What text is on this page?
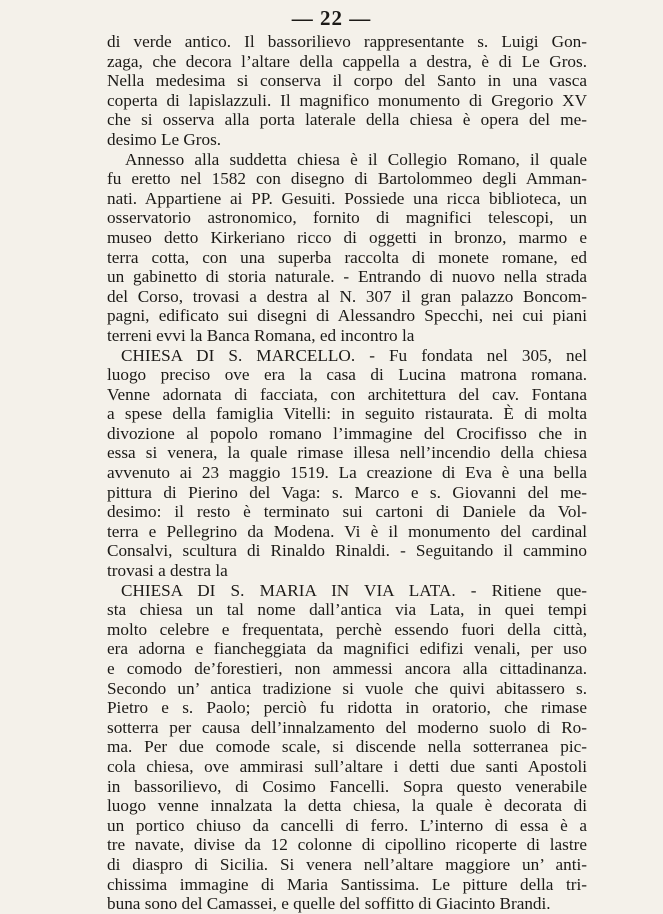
— 22 —
di verde antico. Il bassorilievo rappresentante s. Luigi Gon-
zaga, che decora l’altare della cappella a destra, è di Le Gros.
Nella medesima si conserva il corpo del Santo in una vasca
coperta di lapislazzuli. Il magnifico monumento di Gregorio XV
che si osserva alla porta laterale della chiesa è opera del me-
desimo Le Gros.
Annesso alla suddetta chiesa è il Collegio Romano, il quale
fu eretto nel 1582 con disegno di Bartolommeo degli Amman-
nati. Appartiene ai PP. Gesuiti. Possiede una ricca biblioteca, un
osservatorio astronomico, fornito di magnifici telescopi, un
museo detto Kirkeriano ricco di oggetti in bronzo, marmo e
terra cotta, con una superba raccolta di monete romane, ed
un gabinetto di storia naturale. - Entrando di nuovo nella strada
del Corso, trovasi a destra al N. 307 il gran palazzo Boncom-
pagni, edificato sui disegni di Alessandro Specchi, nei cui piani
terreni evvi la Banca Romana, ed incontro la
CHIESA DI S. MARCELLO. - Fu fondata nel 305, nel
luogo preciso ove era la casa di Lucina matrona romana.
Venne adornata di facciata, con architettura del cav. Fontana
a spese della famiglia Vitelli: in seguito ristaurata. È di molta
divozione al popolo romano l’immagine del Crocifisso che in
essa si venera, la quale rimase illesa nell’incendio della chiesa
avvenuto ai 23 maggio 1519. La creazione di Eva è una bella
pittura di Pierino del Vaga: s. Marco e s. Giovanni del me-
desimo: il resto è terminato sui cartoni di Daniele da Vol-
terra e Pellegrino da Modena. Vi è il monumento del cardinal
Consalvi, scultura di Rinaldo Rinaldi. - Seguitando il cammino
trovasi a destra la
CHIESA DI S. MARIA IN VIA LATA. - Ritiene que-
sta chiesa un tal nome dall’antica via Lata, in quei tempi
molto celebre e frequentata, perchè essendo fuori della città,
era adorna e fiancheggiata da magnifici edifizi venali, per uso
e comodo de’forestieri, non ammessi ancora alla cittadinanza.
Secondo un’ antica tradizione si vuole che quivi abitassero s.
Pietro e s. Paolo; perciò fu ridotta in oratorio, che rimase
sotterra per causa dell’innalzamento del moderno suolo di Ro-
ma. Per due comode scale, si discende nella sotterranea pic-
cola chiesa, ove ammirasi sull’altare i detti due santi Apostoli
in bassorilievo, di Cosimo Fancelli. Sopra questo venerabile
luogo venne innalzata la detta chiesa, la quale è decorata di
un portico chiuso da cancelli di ferro. L’interno di essa è a
tre navate, divise da 12 colonne di cipollino ricoperte di lastre
di diaspro di Sicilia. Si venera nell’altare maggiore un’ anti-
chissima immagine di Maria Santissima. Le pitture della tri-
buna sono del Camassei, e quelle del soffitto di Giacinto Brandi.
